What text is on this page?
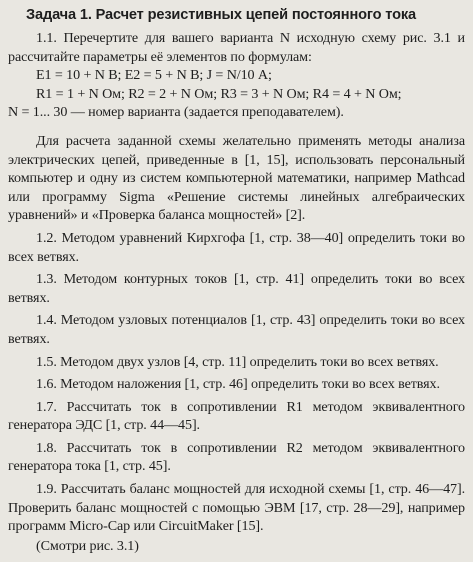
Задача 1. Расчет резистивных цепей постоянного тока

1.1. Перечертите для вашего варианта N исходную схему рис. 3.1 и рассчитайте параметры её элементов по формулам:

E1 = 10 + N В; E2 = 5 + N В; J = N/10 А;
R1 = 1 + N Ом; R2 = 2 + N Ом; R3 = 3 + N Ом; R4 = 4 + N Ом;
N = 1... 30 — номер варианта (задается преподавателем).

Для расчета заданной схемы желательно применять методы анализа электрических цепей, приведенные в [1, 15], использовать персональный компьютер и одну из систем компьютерной математики, например Mathcad или программу Sigma «Решение системы линейных алгебраических уравнений» и «Проверка баланса мощностей» [2].

1.2. Методом уравнений Кирхгофа [1, стр. 38—40] определить токи во всех ветвях.

1.3. Методом контурных токов [1, стр. 41] определить токи во всех ветвях.

1.4. Методом узловых потенциалов [1, стр. 43] определить токи во всех ветвях.

1.5. Методом двух узлов [4, стр. 11] определить токи во всех ветвях.

1.6. Методом наложения [1, стр. 46] определить токи во всех ветвях.

1.7. Рассчитать ток в сопротивлении R1 методом эквивалентного генератора ЭДС [1, стр. 44—45].

1.8. Рассчитать ток в сопротивлении R2 методом эквивалентного генератора тока [1, стр. 45].

1.9. Рассчитать баланс мощностей для исходной схемы [1, стр. 46—47]. Проверить баланс мощностей с помощью ЭВМ [17, стр. 28—29], например программ Micro-Cap или CircuitMaker [15].

(Смотри рис. 3.1)
